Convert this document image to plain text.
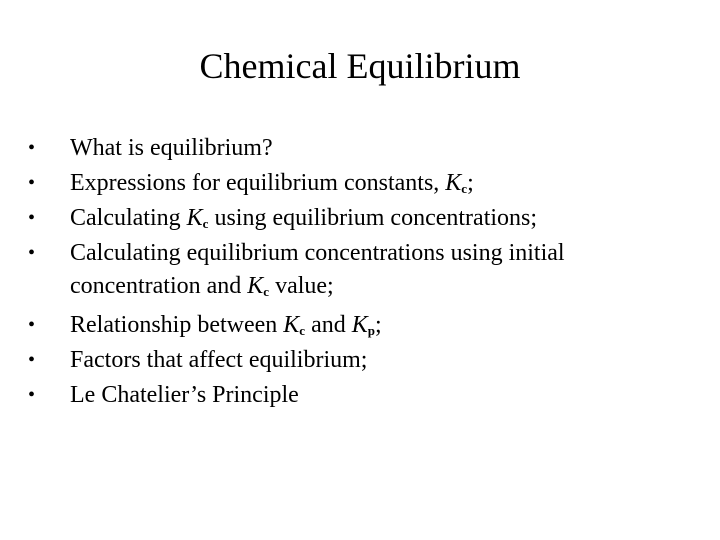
Chemical Equilibrium
• What is equilibrium?
• Expressions for equilibrium constants, $K_c$;
• Calculating $K_c$ using equilibrium concentrations;
• Calculating equilibrium concentrations using initial concentration and $K_c$ value;
• Relationship between $K_c$ and $K_p$;
• Factors that affect equilibrium;
• Le Chatelier’s Principle
